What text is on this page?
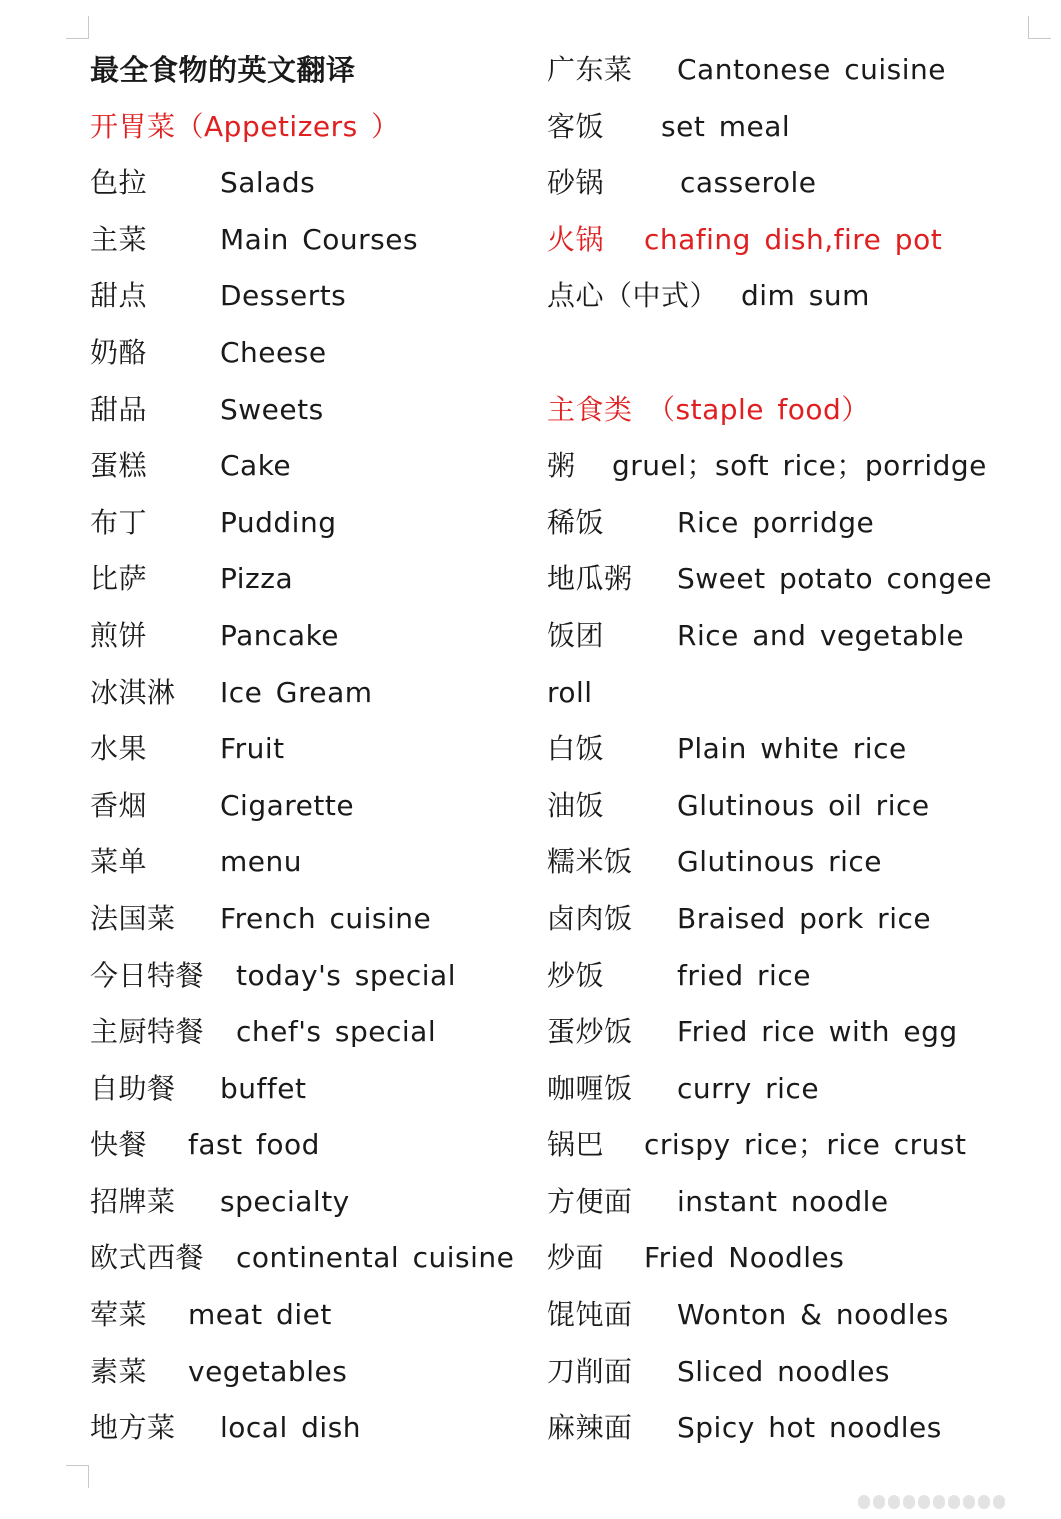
最全食物的英文翻译
开胃菜（Appetizers ）
色拉	Salads
主菜	Main Courses
甜点	Desserts
奶酪	Cheese
甜品	Sweets
蛋糕	Cake
布丁	Pudding
比萨	Pizza
煎饼	Pancake
冰淇淋 Ice Gream
水果	Fruit
香烟	Cigarette
菜单	menu
法国菜 French cuisine
今日特餐 today's special
主厨特餐 chef's special
自助餐 buffet
快餐 fast food
招牌菜 specialty
欧式西餐 continental cuisine
荤菜 meat diet
素菜 vegetables
地方菜 local dish
广东菜 Cantonese cuisine
客饭 set meal
砂锅	casserole
火锅 chafing dish,fire pot
点心（中式） dim sum
主食类 （staple food）
粥 gruel；soft rice；porridge
稀饭	Rice porridge
地瓜粥 Sweet potato congee
饭团	Rice and vegetable
roll
白饭	Plain white rice
油饭	Glutinous oil rice
糯米饭 Glutinous rice
卤肉饭 Braised pork rice
炒饭	fried rice
蛋炒饭 Fried rice with egg
咖喱饭 curry rice
锅巴 crispy rice；rice crust
方便面 instant noodle
炒面 Fried Noodles
馄饨面 Wonton & noodles
刀削面 Sliced noodles
麻辣面 Spicy hot noodles
